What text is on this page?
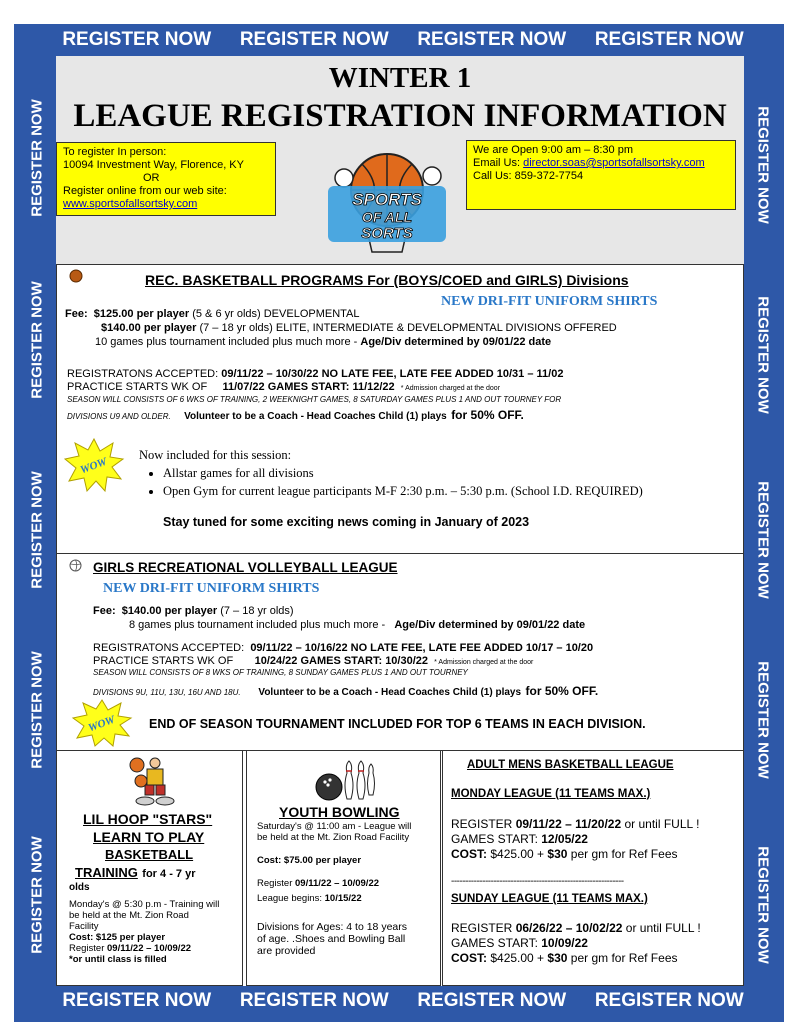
REGISTER NOW REGISTER NOW REGISTER NOW REGISTER NOW
REGISTER NOW REGISTER NOW REGISTER NOW REGISTER NOW
REGISTER NOW
REGISTER NOW
REGISTER NOW
REGISTER NOW
REGISTER NOW
REGISTER NOW
REGISTER NOW
REGISTER NOW
REGISTER NOW
REGISTER NOW
WINTER 1
LEAGUE REGISTRATION INFORMATION
To register In person:
10094 Investment Way, Florence, KY
OR
Register online from our web site:
www.sportsofallsortsky.com
We are Open 9:00 am – 8:30 pm
Email Us: director.soas@sportsofallsortsky.com
Call Us: 859-372-7754
SPORTS
OF ALL
SORTS
REC. BASKETBALL PROGRAMS For (BOYS/COED and GIRLS) Divisions
NEW DRI-FIT UNIFORM SHIRTS
Fee: $125.00 per player (5 & 6 yr olds) DEVELOPMENTAL
$140.00 per player (7 – 18 yr olds) ELITE, INTERMEDIATE & DEVELOPMENTAL DIVISIONS OFFERED
10 games plus tournament included plus much more - Age/Div determined by 09/01/22 date
REGISTRATONS ACCEPTED: 09/11/22 – 10/30/22 NO LATE FEE, LATE FEE ADDED 10/31 – 11/02
PRACTICE STARTS WK OF 11/07/22 GAMES START: 11/12/22 * Admission charged at the door
SEASON WILL CONSISTS OF 6 WKS OF TRAINING, 2 WEEKNIGHT GAMES, 8 SATURDAY GAMES PLUS 1 AND OUT TOURNEY FOR
DIVISIONS U9 AND OLDER. Volunteer to be a Coach - Head Coaches Child (1) plays for 50% OFF.
WOW
Now included for this session:
• Allstar games for all divisions
• Open Gym for current league participants M-F 2:30 p.m. – 5:30 p.m. (School I.D. REQUIRED)
Stay tuned for some exciting news coming in January of 2023
GIRLS RECREATIONAL VOLLEYBALL LEAGUE
NEW DRI-FIT UNIFORM SHIRTS
Fee: $140.00 per player (7 – 18 yr olds)
8 games plus tournament included plus much more - Age/Div determined by 09/01/22 date
REGISTRATONS ACCEPTED: 09/11/22 – 10/16/22 NO LATE FEE, LATE FEE ADDED 10/17 – 10/20
PRACTICE STARTS WK OF 10/24/22 GAMES START: 10/30/22 * Admission charged at the door
SEASON WILL CONSISTS OF 8 WKS OF TRAINING, 8 SUNDAY GAMES PLUS 1 AND OUT TOURNEY
DIVISIONS 9U, 11U, 13U, 16U AND 18U. Volunteer to be a Coach - Head Coaches Child (1) plays for 50% OFF.
WOW	END OF SEASON TOURNAMENT INCLUDED FOR TOP 6 TEAMS IN EACH DIVISION.
LIL HOOP "STARS"
LEARN TO PLAY
BASKETBALL
TRAINING for 4 - 7 yr
olds
Monday's @ 5:30 p.m - Training will
be held at the Mt. Zion Road
Facility
Cost: $125 per player
Register 09/11/22 – 10/09/22
*or until class is filled
YOUTH BOWLING
Saturday's @ 11:00 am - League will
be held at the Mt. Zion Road Facility
Cost: $75.00 per player
Register 09/11/22 – 10/09/22
League begins: 10/15/22
Divisions for Ages: 4 to 18 years
of age. .Shoes and Bowling Ball
are provided
ADULT MENS BASKETBALL LEAGUE
MONDAY LEAGUE (11 TEAMS MAX.)
REGISTER 09/11/22 – 11/20/22 or until FULL !
GAMES START: 12/05/22
COST: $425.00 + $30 per gm for Ref Fees
-------------------------------------------------------------
SUNDAY LEAGUE (11 TEAMS MAX.)
REGISTER 06/26/22 – 10/02/22 or until FULL !
GAMES START: 10/09/22
COST: $425.00 + $30 per gm for Ref Fees
